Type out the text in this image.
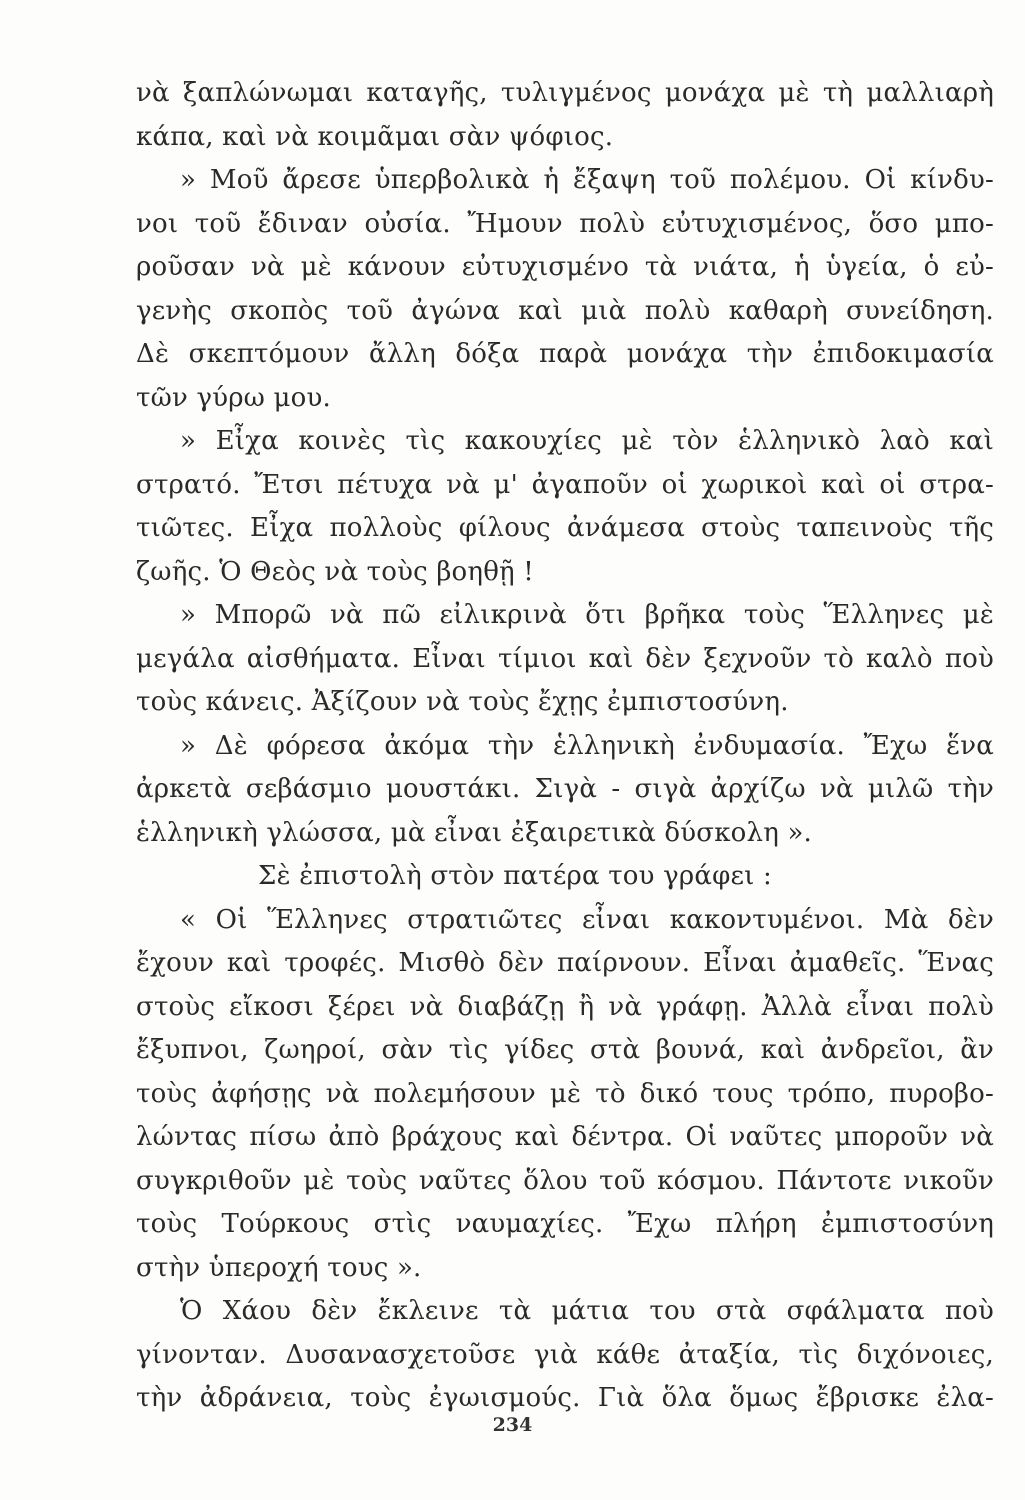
νὰ ξαπλώνωμαι καταγῆς, τυλιγμένος μονάχα μὲ τὴ μαλλιαρὴ
κάπα, καὶ νὰ κοιμᾶμαι σὰν ψόφιος.
» Μοῦ ἄρεσε ὑπερβολικὰ ἡ ἔξαψη τοῦ πολέμου. Οἱ κίνδυ-
νοι τοῦ ἔδιναν οὐσία. Ἤμουν πολὺ εὐτυχισμένος, ὅσο μπο-
ροῦσαν νὰ μὲ κάνουν εὐτυχισμένο τὰ νιάτα, ἡ ὑγεία, ὁ εὐ-
γενὴς σκοπὸς τοῦ ἀγώνα καὶ μιὰ πολὺ καθαρὴ συνείδηση.
Δὲ σκεπτόμουν ἄλλη δόξα παρὰ μονάχα τὴν ἐπιδοκιμασία
τῶν γύρω μου.
» Εἶχα κοινὲς τὶς κακουχίες μὲ τὸν ἑλληνικὸ λαὸ καὶ
στρατό. Ἔτσι πέτυχα νὰ μ' ἀγαποῦν οἱ χωρικοὶ καὶ οἱ στρα-
τιῶτες. Εἶχα πολλοὺς φίλους ἀνάμεσα στοὺς ταπεινοὺς τῆς
ζωῆς. Ὁ Θεὸς νὰ τοὺς βοηθῇ !
» Μπορῶ νὰ πῶ εἰλικρινὰ ὅτι βρῆκα τοὺς Ἕλληνες μὲ
μεγάλα αἰσθήματα. Εἶναι τίμιοι καὶ δὲν ξεχνοῦν τὸ καλὸ ποὺ
τοὺς κάνεις. Ἀξίζουν νὰ τοὺς ἔχῃς ἐμπιστοσύνη.
» Δὲ φόρεσα ἀκόμα τὴν ἑλληνικὴ ἐνδυμασία. Ἔχω ἕνα
ἀρκετὰ σεβάσμιο μουστάκι. Σιγὰ - σιγὰ ἀρχίζω νὰ μιλῶ τὴν
ἑλληνικὴ γλώσσα, μὰ εἶναι ἐξαιρετικὰ δύσκολη ».
Σὲ ἐπιστολὴ στὸν πατέρα του γράφει :
« Οἱ Ἕλληνες στρατιῶτες εἶναι κακοντυμένοι. Μὰ δὲν
ἔχουν καὶ τροφές. Μισθὸ δὲν παίρνουν. Εἶναι ἀμαθεῖς. Ἕνας
στοὺς εἴκοσι ξέρει νὰ διαβάζῃ ἢ νὰ γράφῃ. Ἀλλὰ εἶναι πολὺ
ἔξυπνοι, ζωηροί, σὰν τὶς γίδες στὰ βουνά, καὶ ἀνδρεῖοι, ἂν
τοὺς ἀφήσῃς νὰ πολεμήσουν μὲ τὸ δικό τους τρόπο, πυροβο-
λώντας πίσω ἀπὸ βράχους καὶ δέντρα. Οἱ ναῦτες μποροῦν νὰ
συγκριθοῦν μὲ τοὺς ναῦτες ὅλου τοῦ κόσμου. Πάντοτε νικοῦν
τοὺς Τούρκους στὶς ναυμαχίες. Ἔχω πλήρη ἐμπιστοσύνη
στὴν ὑπεροχή τους ».
Ὁ Χάου δὲν ἔκλεινε τὰ μάτια του στὰ σφάλματα ποὺ
γίνονταν. Δυσανασχετοῦσε γιὰ κάθε ἀταξία, τὶς διχόνοιες,
τὴν ἀδράνεια, τοὺς ἐγωισμούς. Γιὰ ὅλα ὅμως ἔβρισκε ἐλα-
234
